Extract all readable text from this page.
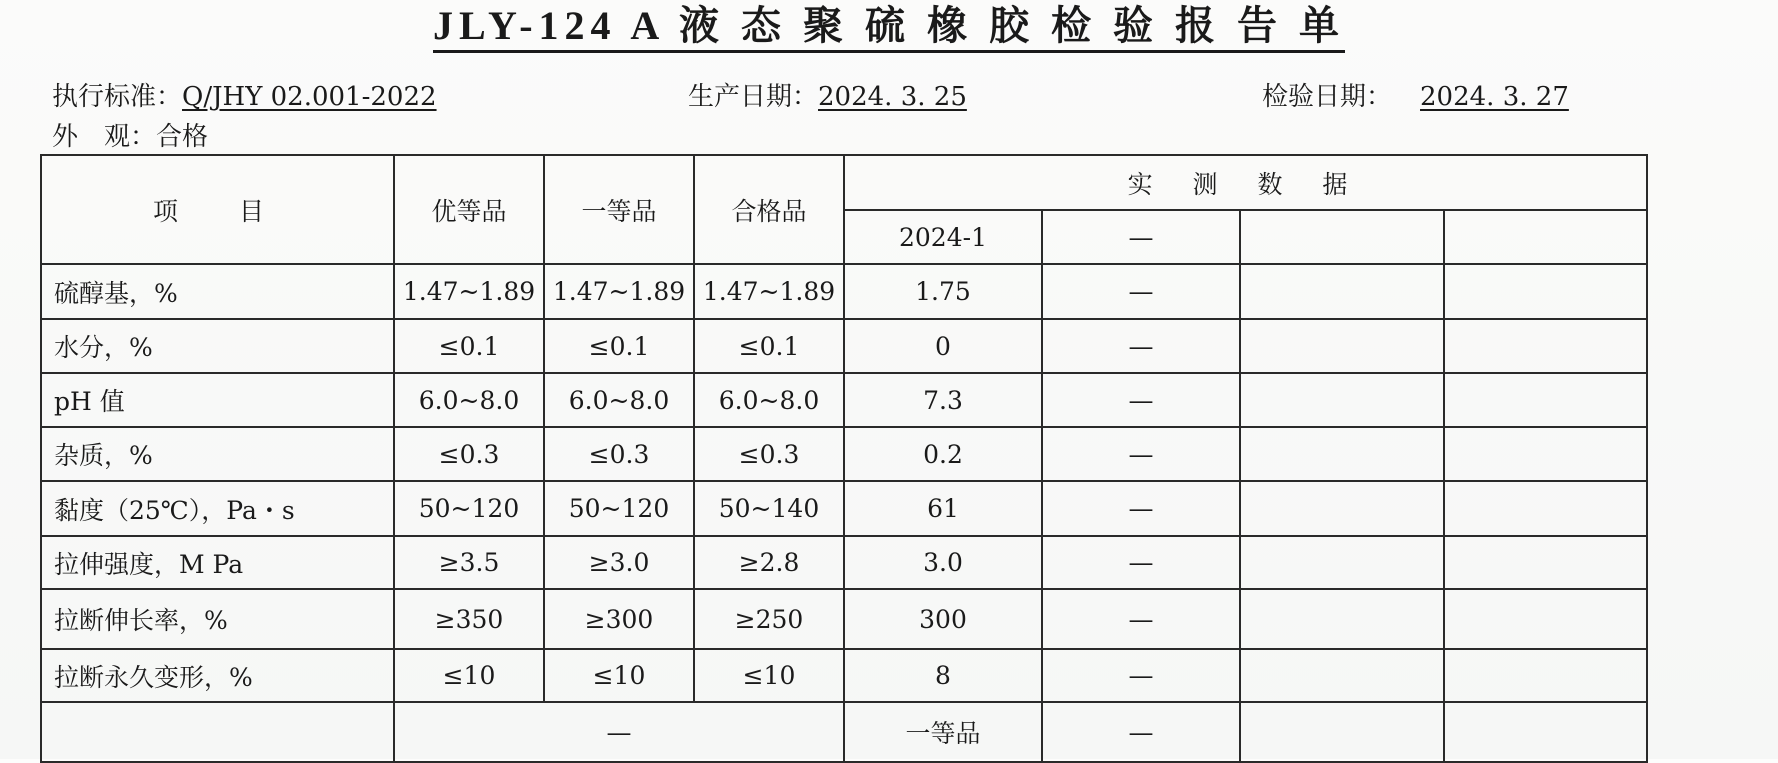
JLY-124 A 液 态 聚 硫 橡 胶 检 验 报 告 单
执行标准：Q/JHY 02.001-2022	生产日期：2024. 3. 25	检验日期： 2024. 3. 27
外　观：合格
项　目	优等品	一等品	合格品	实 测 数 据			
				2024-1	—		
硫醇基，%	1.47~1.89	1.47~1.89	1.47~1.89	1.75	—		
水分，%	≤0.1	≤0.1	≤0.1	0	—		
pH 值	6.0~8.0	6.0~8.0	6.0~8.0	7.3	—		
杂质，%	≤0.3	≤0.3	≤0.3	0.2	—		
黏度（25℃），Pa・s	50~120	50~120	50~140	61	—		
拉伸强度，M Pa	≥3.5	≥3.0	≥2.8	3.0	—		
拉断伸长率，%	≥350	≥300	≥250	300	—		
拉断永久变形，%	≤10	≤10	≤10	8	—		
	—			一等品	—		
